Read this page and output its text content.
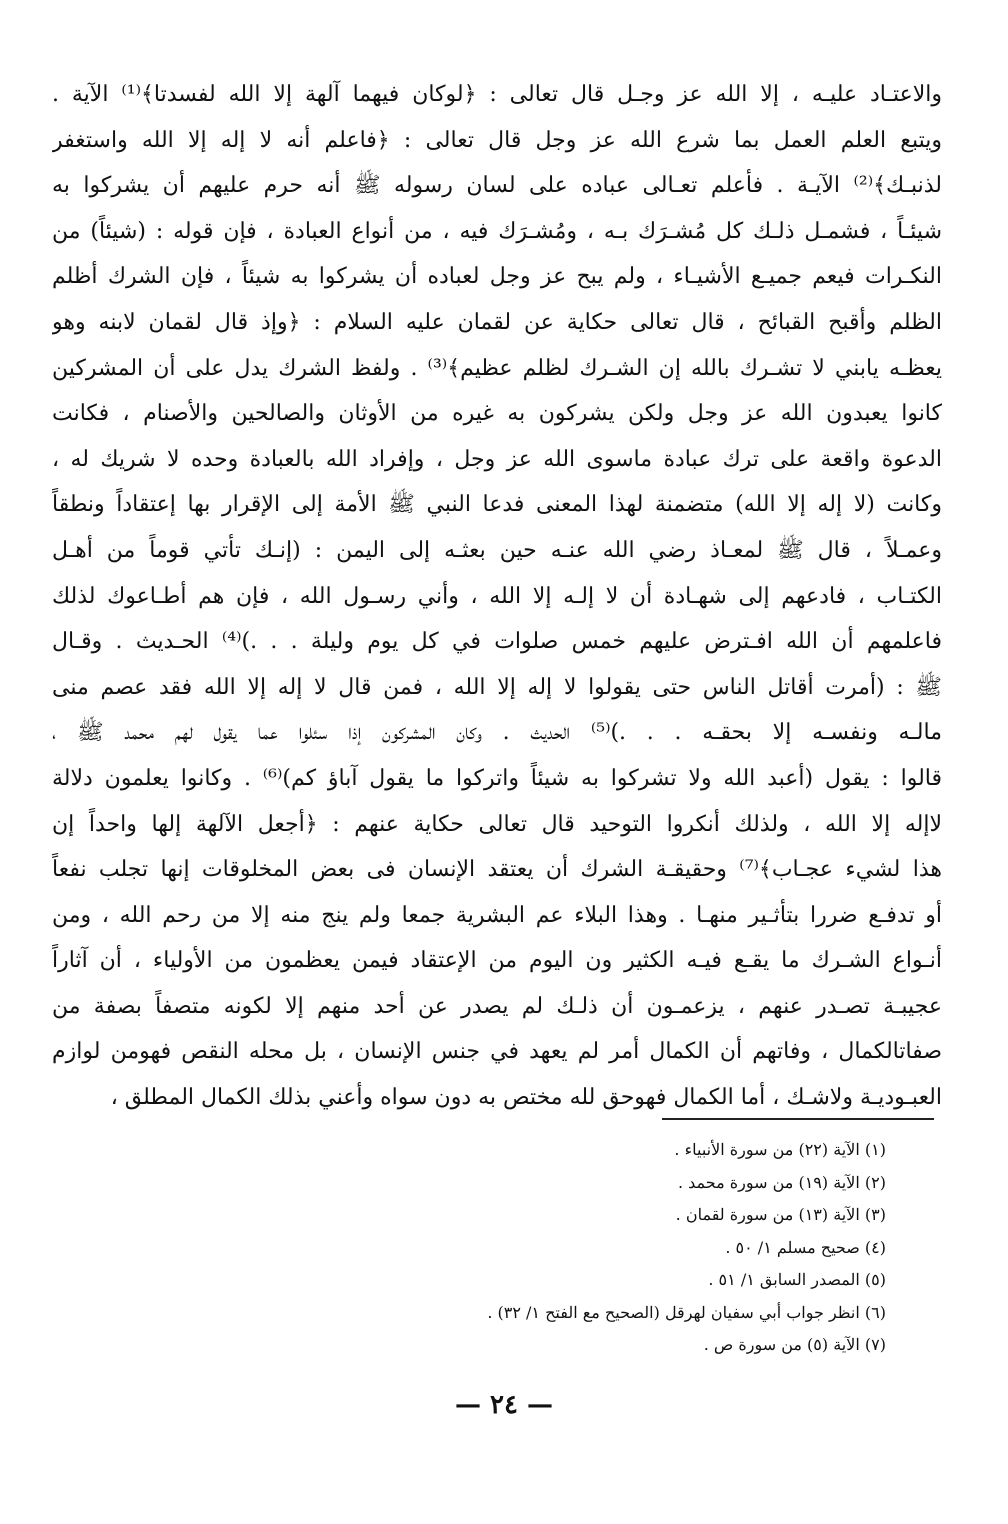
والاعتـاد عليـه ، إلا الله عز وجـل قال تعالى : ﴿لوكان فيهما آلهة إلا الله لفسدتا﴾⁽¹⁾ الآية .
ويتبع العلم العمل بما شرع الله عز وجل قال تعالى : ﴿فاعلم أنه لا إله إلا الله واستغفر
لذنبـك﴾⁽²⁾ الآيـة . فأعلم تعـالى عباده على لسان رسوله ﷺ أنه حرم عليهم أن يشركوا به
شيئـاً ، فشمـل ذلـك كل مُشـرَك بـه ، ومُشـرَك فيه ، من أنواع العبادة ، فإن قوله : (شيئاً) من
النكـرات فيعم جميـع الأشيـاء ، ولم يبح عز وجل لعباده أن يشركوا به شيئاً ، فإن الشرك أظلم
الظلم وأقبح القبائح ، قال تعالى حكاية عن لقمان عليه السلام : ﴿وإذ قال لقمان لابنه وهو
يعظـه يابني لا تشـرك بالله إن الشـرك لظلم عظيم﴾⁽³⁾ . ولفظ الشرك يدل على أن المشركين
كانوا يعبدون الله عز وجل ولكن يشركون به غيره من الأوثان والصالحين والأصنام ، فكانت
الدعوة واقعة على ترك عبادة ماسوى الله عز وجل ، وإفراد الله بالعبادة وحده لا شريك له ،
وكانت (لا إله إلا الله) متضمنة لهذا المعنى فدعا النبي ﷺ الأمة إلى الإقرار بها إعتقاداً ونطقاً
وعمـلاً ، قال ﷺ لمعـاذ رضي الله عنـه حين بعثـه إلى اليمن : (إنـك تأتي قوماً من أهـل
الكتـاب ، فادعهم إلى شهـادة أن لا إلـه إلا الله ، وأني رسـول الله ، فإن هم أطـاعوك لذلك
فاعلمهم أن الله افـترض عليهم خمس صلوات في كل يوم وليلة . . .)⁽⁴⁾ الحـديث . وقـال
ﷺ : (أمرت أقاتل الناس حتى يقولوا لا إله إلا الله ، فمن قال لا إله إلا الله فقد عصم منى
مالـه ونفسـه إلا بحقـه . . .)⁽⁵⁾ الحديث . وكان المشركون إذا سئلوا عما يقول لهم محمد ﷺ ،
قالوا : يقول (أعبد الله ولا تشركوا به شيئاً واتركوا ما يقول آباؤ كم)⁽⁶⁾ . وكانوا يعلمون دلالة
لاإله إلا الله ، ولذلك أنكروا التوحيد قال تعالى حكاية عنهم : ﴿أجعل الآلهة إلها واحداً إن
هذا لشيء عجـاب﴾⁽⁷⁾ وحقيقـة الشرك أن يعتقد الإنسان فى بعض المخلوقات إنها تجلب نفعاً
أو تدفـع ضررا بتأثـير منهـا . وهذا البلاء عم البشرية جمعا ولم ينج منه إلا من رحم الله ، ومن
أنـواع الشـرك ما يقـع فيـه الكثير ون اليوم من الإعتقاد فيمن يعظمون من الأولياء ، أن آثاراً
عجيبـة تصـدر عنهم ، يزعمـون أن ذلـك لم يصدر عن أحد منهم إلا لكونه متصفاً بصفة من
صفاتالكمال ، وفاتهم أن الكمال أمر لم يعهد في جنس الإنسان ، بل محله النقص فهومن لوازم
العبـوديـة ولاشـك ، أما الكمال فهوحق لله مختص به دون سواه وأعني بذلك الكمال المطلق ،
(١) الآية (٢٢) من سورة الأنبياء .
(٢) الآية (١٩) من سورة محمد .
(٣) الآية (١٣) من سورة لقمان .
(٤) صحيح مسلم ١/ ٥٠ .
(٥) المصدر السابق ١/ ٥١ .
(٦) انظر جواب أبي سفيان لهرقل (الصحيح مع الفتح ١/ ٣٢) .
(٧) الآية (٥) من سورة ص .
— ٢٤ —
